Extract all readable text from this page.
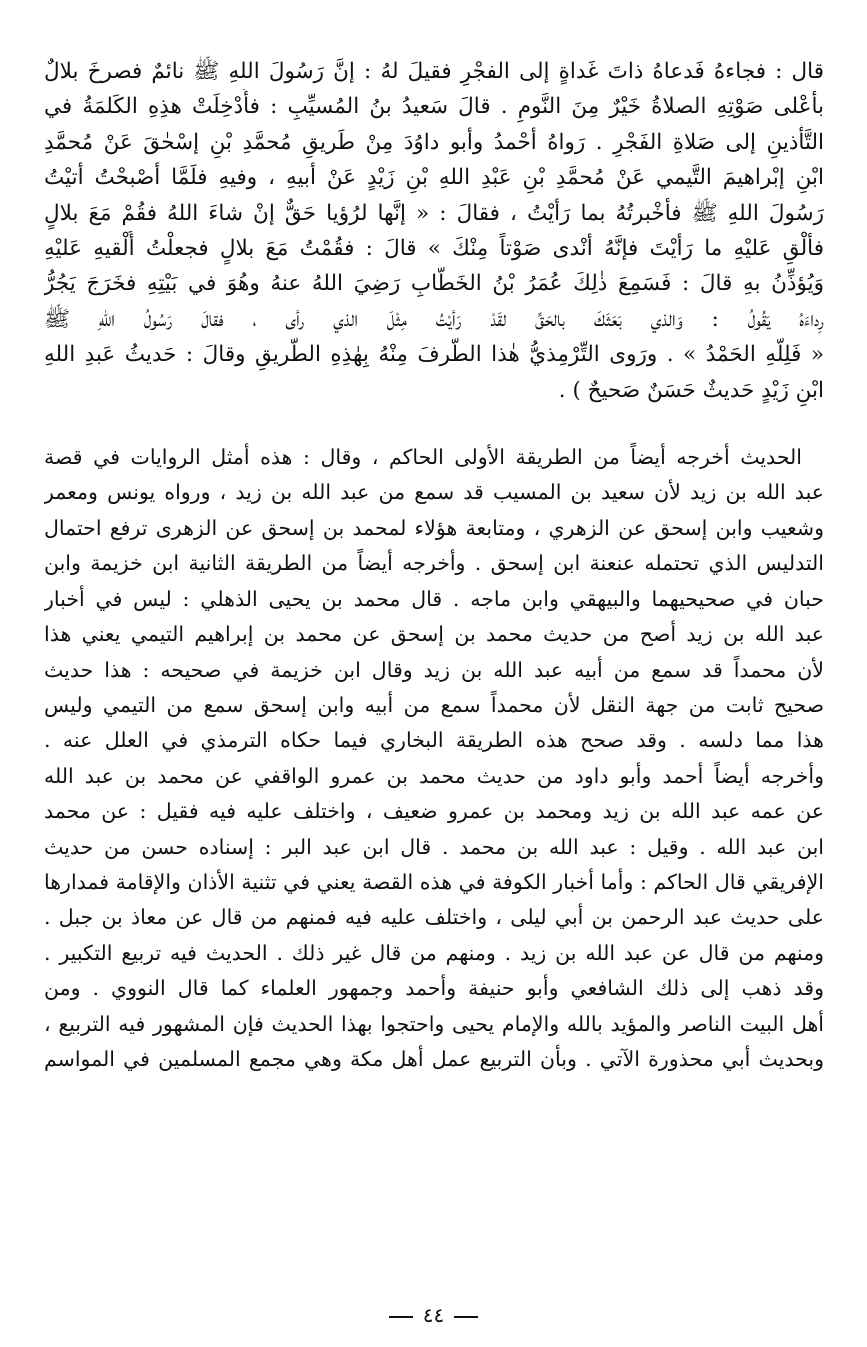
قال : فجاءهُ فَدعاهُ ذاتَ غَداةٍ إلى الفجْرِ فقيلَ لهُ : إنَّ رَسُولَ اللهِ ﷺ نائمٌ فصرخَ بلالٌ
بأعْلى صَوْتِهِ الصلاةُ خَيْرٌ مِنَ النَّومِ . قالَ سَعيدُ بنُ المُسيِّبِ : فأُدْخِلَتْ هذِهِ الكَلمَةُ في
التَّأْذينِ إلى صَلاةِ الفَجْرِ . رَواهُ أحْمدُ وأبو داوُدَ مِنْ طَريقِ مُحمَّدِ بْنِ إسْحٰقَ عَنْ مُحمَّدِ
ابْنِ إبْراهيمَ التَّيمي عَنْ مُحمَّدِ بْنِ عَبْدِ اللهِ بْنِ زَيْدٍ عَنْ أبيهِ ، وفيهِ فلَمَّا أصْبحْتُ أتيْتُ
رَسُولَ اللهِ ﷺ فأخْبرتُهُ بما رَأيْتُ ، فقالَ : « إنَّها لرُؤيا حَقٌّ إنْ شاءَ اللهُ فقُمْ مَعَ بلالٍ
فألْقِ عَليْهِ ما رَأيْتَ فإنَّهُ أنْدى صَوْتاً مِنْكَ » قالَ : فقُمْتُ مَعَ بلالٍ فجعلْتُ أُلْقيهِ عَليْهِ
وَيُؤذِّنُ بهِ قالَ : فَسَمِعَ ذٰلِكَ عُمَرُ بْنُ الخَطَّابِ رَضِيَ اللهُ عنهُ وهُوَ في بَيْتِهِ فخَرَجَ يَجُرُّ
رِداءَهُ يَقُولُ : وَالذي بَعَثَكَ بالحَقِّ لقَدْ رَأيْتُ مِثْلَ الذي رأى ، فقالَ رَسُولُ اللهِ ﷺ
« فَلِلّهِ الحَمْدُ » . ورَوى التِّرْمِذيُّ هٰذا الطَّرفَ مِنْهُ بِهٰذِهِ الطَّريقِ وقالَ : حَديثُ عَبدِ اللهِ
ابْنِ زَيْدٍ حَديثٌ حَسَنٌ صَحيحٌ ) .
الحديث أخرجه أيضاً من الطريقة الأولى الحاكم ، وقال : هذه أمثل الروايات في قصة
عبد الله بن زيد لأن سعيد بن المسيب قد سمع من عبد الله بن زيد ، ورواه يونس ومعمر
وشعيب وابن إسحق عن الزهري ، ومتابعة هؤلاء لمحمد بن إسحق عن الزهرى ترفع احتمال
التدليس الذي تحتمله عنعنة ابن إسحق . وأخرجه أيضاً من الطريقة الثانية ابن خزيمة وابن
حبان في صحيحيهما والبيهقي وابن ماجه . قال محمد بن يحيى الذهلي : ليس في أخبار
عبد الله بن زيد أصح من حديث محمد بن إسحق عن محمد بن إبراهيم التيمي يعني هذا
لأن محمداً قد سمع من أبيه عبد الله بن زيد وقال ابن خزيمة في صحيحه : هذا حديث
صحيح ثابت من جهة النقل لأن محمداً سمع من أبيه وابن إسحق سمع من التيمي وليس
هذا مما دلسه . وقد صحح هذه الطريقة البخاري فيما حكاه الترمذي في العلل عنه .
وأخرجه أيضاً أحمد وأبو داود من حديث محمد بن عمرو الواقفي عن محمد بن عبد الله
عن عمه عبد الله بن زيد ومحمد بن عمرو ضعيف ، واختلف عليه فيه فقيل : عن محمد
ابن عبد الله . وقيل : عبد الله بن محمد . قال ابن عبد البر : إسناده حسن من حديث
الإفريقي قال الحاكم : وأما أخبار الكوفة في هذه القصة يعني في تثنية الأذان والإقامة فمدارها
على حديث عبد الرحمن بن أبي ليلى ، واختلف عليه فيه فمنهم من قال عن معاذ بن جبل .
ومنهم من قال عن عبد الله بن زيد . ومنهم من قال غير ذلك . الحديث فيه تربيع التكبير .
وقد ذهب إلى ذلك الشافعي وأبو حنيفة وأحمد وجمهور العلماء كما قال النووي . ومن
أهل البيت الناصر والمؤيد بالله والإمام يحيى واحتجوا بهذا الحديث فإن المشهور فيه التربيع ،
وبحديث أبي محذورة الآتي . وبأن التربيع عمل أهل مكة وهي مجمع المسلمين في المواسم
٤٤
